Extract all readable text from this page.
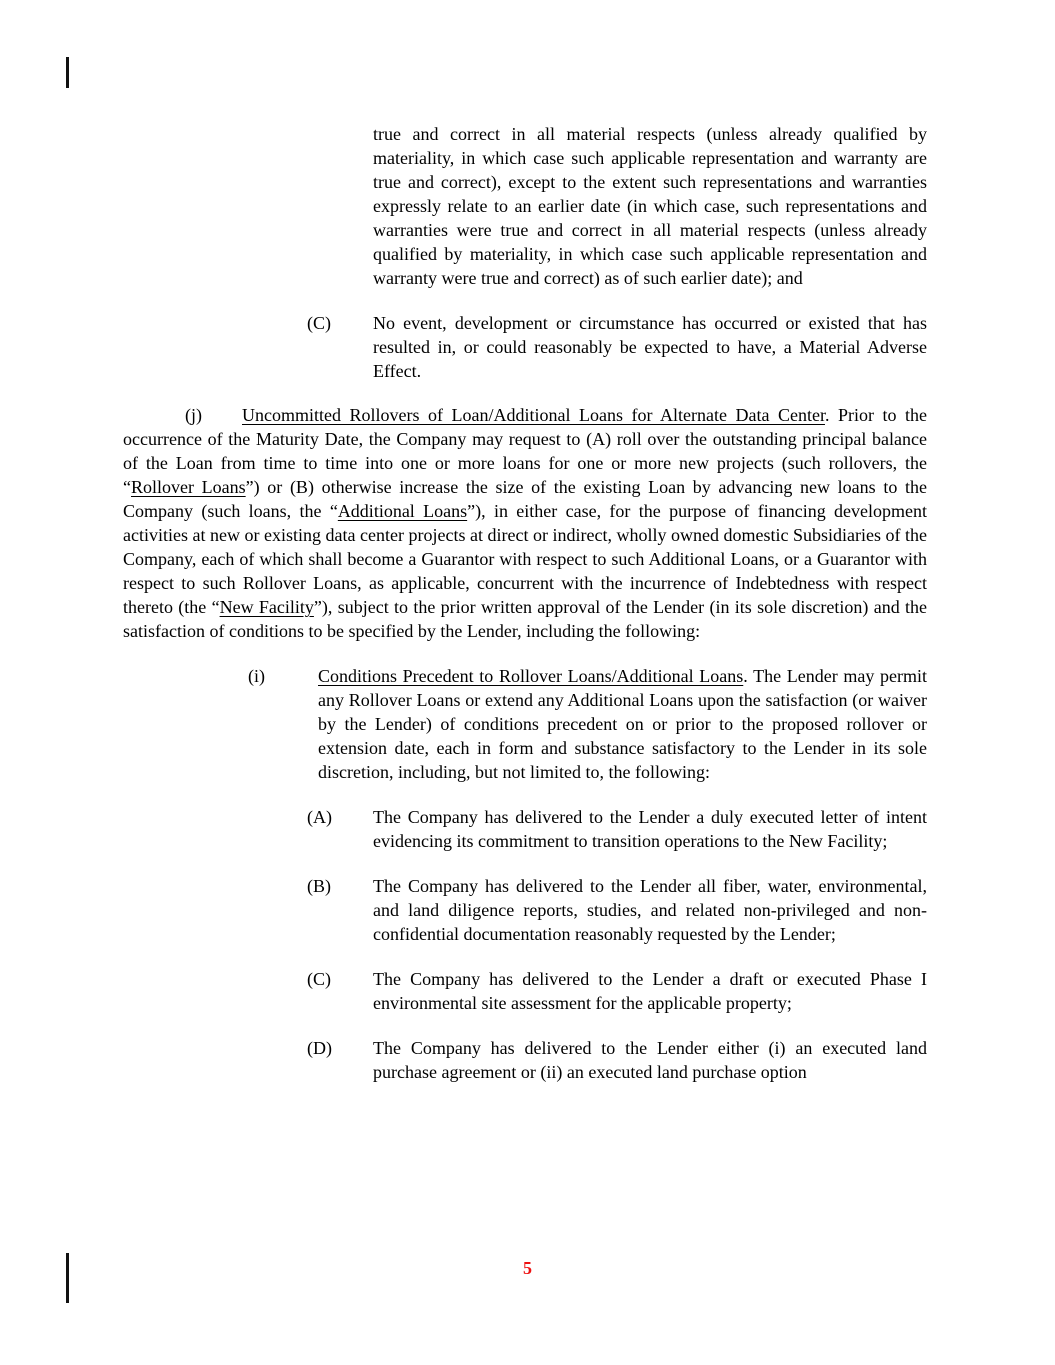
true and correct in all material respects (unless already qualified by materiality, in which case such applicable representation and warranty are true and correct), except to the extent such representations and warranties expressly relate to an earlier date (in which case, such representations and warranties were true and correct in all material respects (unless already qualified by materiality, in which case such applicable representation and warranty were true and correct) as of such earlier date); and

(C) No event, development or circumstance has occurred or existed that has resulted in, or could reasonably be expected to have, a Material Adverse Effect.
(j) Uncommitted Rollovers of Loan/Additional Loans for Alternate Data Center. Prior to the occurrence of the Maturity Date, the Company may request to (A) roll over the outstanding principal balance of the Loan from time to time into one or more loans for one or more new projects (such rollovers, the “Rollover Loans”) or (B) otherwise increase the size of the existing Loan by advancing new loans to the Company (such loans, the “Additional Loans”), in either case, for the purpose of financing development activities at new or existing data center projects at direct or indirect, wholly owned domestic Subsidiaries of the Company, each of which shall become a Guarantor with respect to such Additional Loans, or a Guarantor with respect to such Rollover Loans, as applicable, concurrent with the incurrence of Indebtedness with respect thereto (the “New Facility”), subject to the prior written approval of the Lender (in its sole discretion) and the satisfaction of conditions to be specified by the Lender, including the following:
(i)	Conditions Precedent to Rollover Loans/Additional Loans. The Lender may permit any Rollover Loans or extend any Additional Loans upon the satisfaction (or waiver by the Lender) of conditions precedent on or prior to the proposed rollover or extension date, each in form and substance satisfactory to the Lender in its sole discretion, including, but not limited to, the following:
(A) The Company has delivered to the Lender a duly executed letter of intent evidencing its commitment to transition operations to the New Facility;
(B) The Company has delivered to the Lender all fiber, water, environmental, and land diligence reports, studies, and related non-privileged and non-confidential documentation reasonably requested by the Lender;
(C) The Company has delivered to the Lender a draft or executed Phase I environmental site assessment for the applicable property;
(D) The Company has delivered to the Lender either (i) an executed land purchase agreement or (ii) an executed land purchase option
5
